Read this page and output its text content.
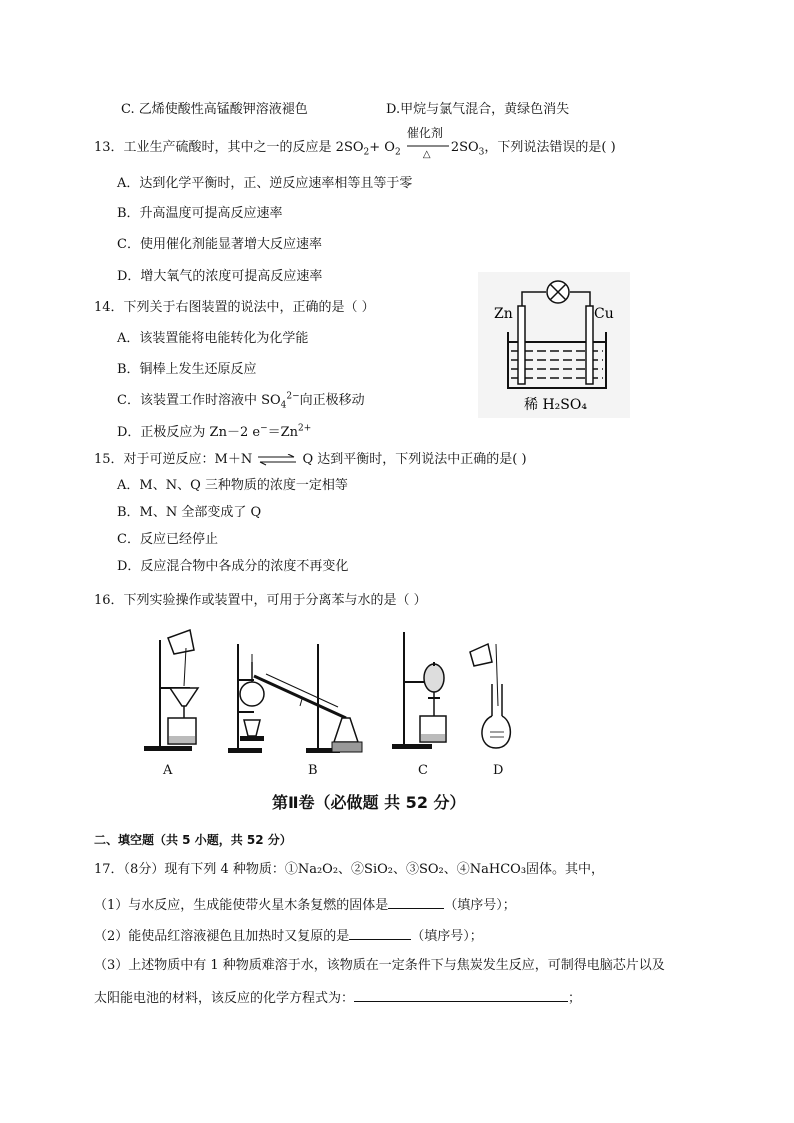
C. 乙烯使酸性高锰酸钾溶液褪色	D.甲烷与氯气混合，黄绿色消失
13．工业生产硫酸时，其中之一的反应是 $2SO_2+ O_2$
催化剂
△ $2SO_3$，下列说法错误的是( )
A．达到化学平衡时，正、逆反应速率相等且等于零
B．升高温度可提高反应速率
C．使用催化剂能显著增大反应速率
D．增大氧气的浓度可提高反应速率
14．下列关于右图装置的说法中，正确的是（ ）
A．该装置能将电能转化为化学能
B．铜棒上发生还原反应
C．该装置工作时溶液中 $SO_4^{2-}$向正极移动
D．正极反应为 Zn－2 $e^-=Zn^{2+}$
Zn	Cu
稀 H₂SO₄
15．对于可逆反应：M＋N ⇌ Q 达到平衡时，下列说法中正确的是( )
A．M、N、Q 三种物质的浓度一定相等
B．M、N 全部变成了 Q
C．反应已经停止
D．反应混合物中各成分的浓度不再变化
16．下列实验操作或装置中，可用于分离苯与水的是（ ）
A	B	C	D
第Ⅱ卷（必做题 共 52 分）
二、填空题（共 5 小题，共 52 分）
17．（8分）现有下列 4 种物质：①Na₂O₂、②SiO₂、③SO₂、④NaHCO₃固体。其中，
（1）与水反应，生成能使带火星木条复燃的固体是	（填序号）；
（2）能使品红溶液褪色且加热时又复原的是	（填序号）；
（3）上述物质中有 1 种物质难溶于水，该物质在一定条件下与焦炭发生反应，可制得电脑芯片以及
太阳能电池的材料，该反应的化学方程式为：	；
